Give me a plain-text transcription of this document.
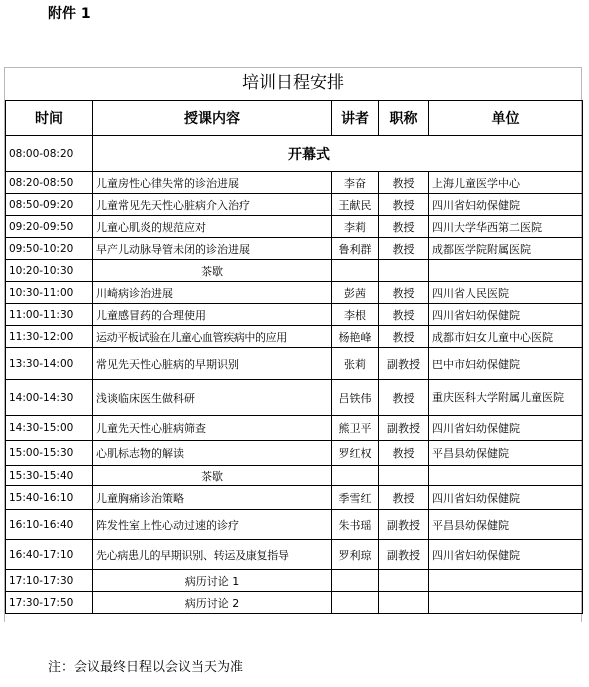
附件 1
培训日程安排
时间	授课内容	讲者	职称	单位
08:00-08:20	开幕式			
08:20-08:50	儿童房性心律失常的诊治进展	李奋	教授	上海儿童医学中心
08:50-09:20	儿童常见先天性心脏病介入治疗	王献民	教授	四川省妇幼保健院
09:20-09:50	儿童心肌炎的规范应对	李莉	教授	四川大学华西第二医院
09:50-10:20	早产儿动脉导管未闭的诊治进展	鲁利群	教授	成都医学院附属医院
10:20-10:30	茶歇			
10:30-11:00	川崎病诊治进展	彭茜	教授	四川省人民医院
11:00-11:30	儿童感冒药的合理使用	李根	教授	四川省妇幼保健院
11:30-12:00	运动平板试验在儿童心血管疾病中的应用	杨艳峰	教授	成都市妇女儿童中心医院
13:30-14:00	常见先天性心脏病的早期识别	张莉	副教授	巴中市妇幼保健院
14:00-14:30	浅谈临床医生做科研	吕铁伟	教授	重庆医科大学附属儿童医院
14:30-15:00	儿童先天性心脏病筛查	熊卫平	副教授	四川省妇幼保健院
15:00-15:30	心肌标志物的解读	罗红权	教授	平昌县幼保健院
15:30-15:40	茶歇			
15:40-16:10	儿童胸痛诊治策略	季雪红	教授	四川省妇幼保健院
16:10-16:40	阵发性室上性心动过速的诊疗	朱书瑶	副教授	平昌县幼保健院
16:40-17:10	先心病患儿的早期识别、转运及康复指导	罗利琼	副教授	四川省妇幼保健院
17:10-17:30	病历讨论 1			
17:30-17:50	病历讨论 2			
注：会议最终日程以会议当天为准
